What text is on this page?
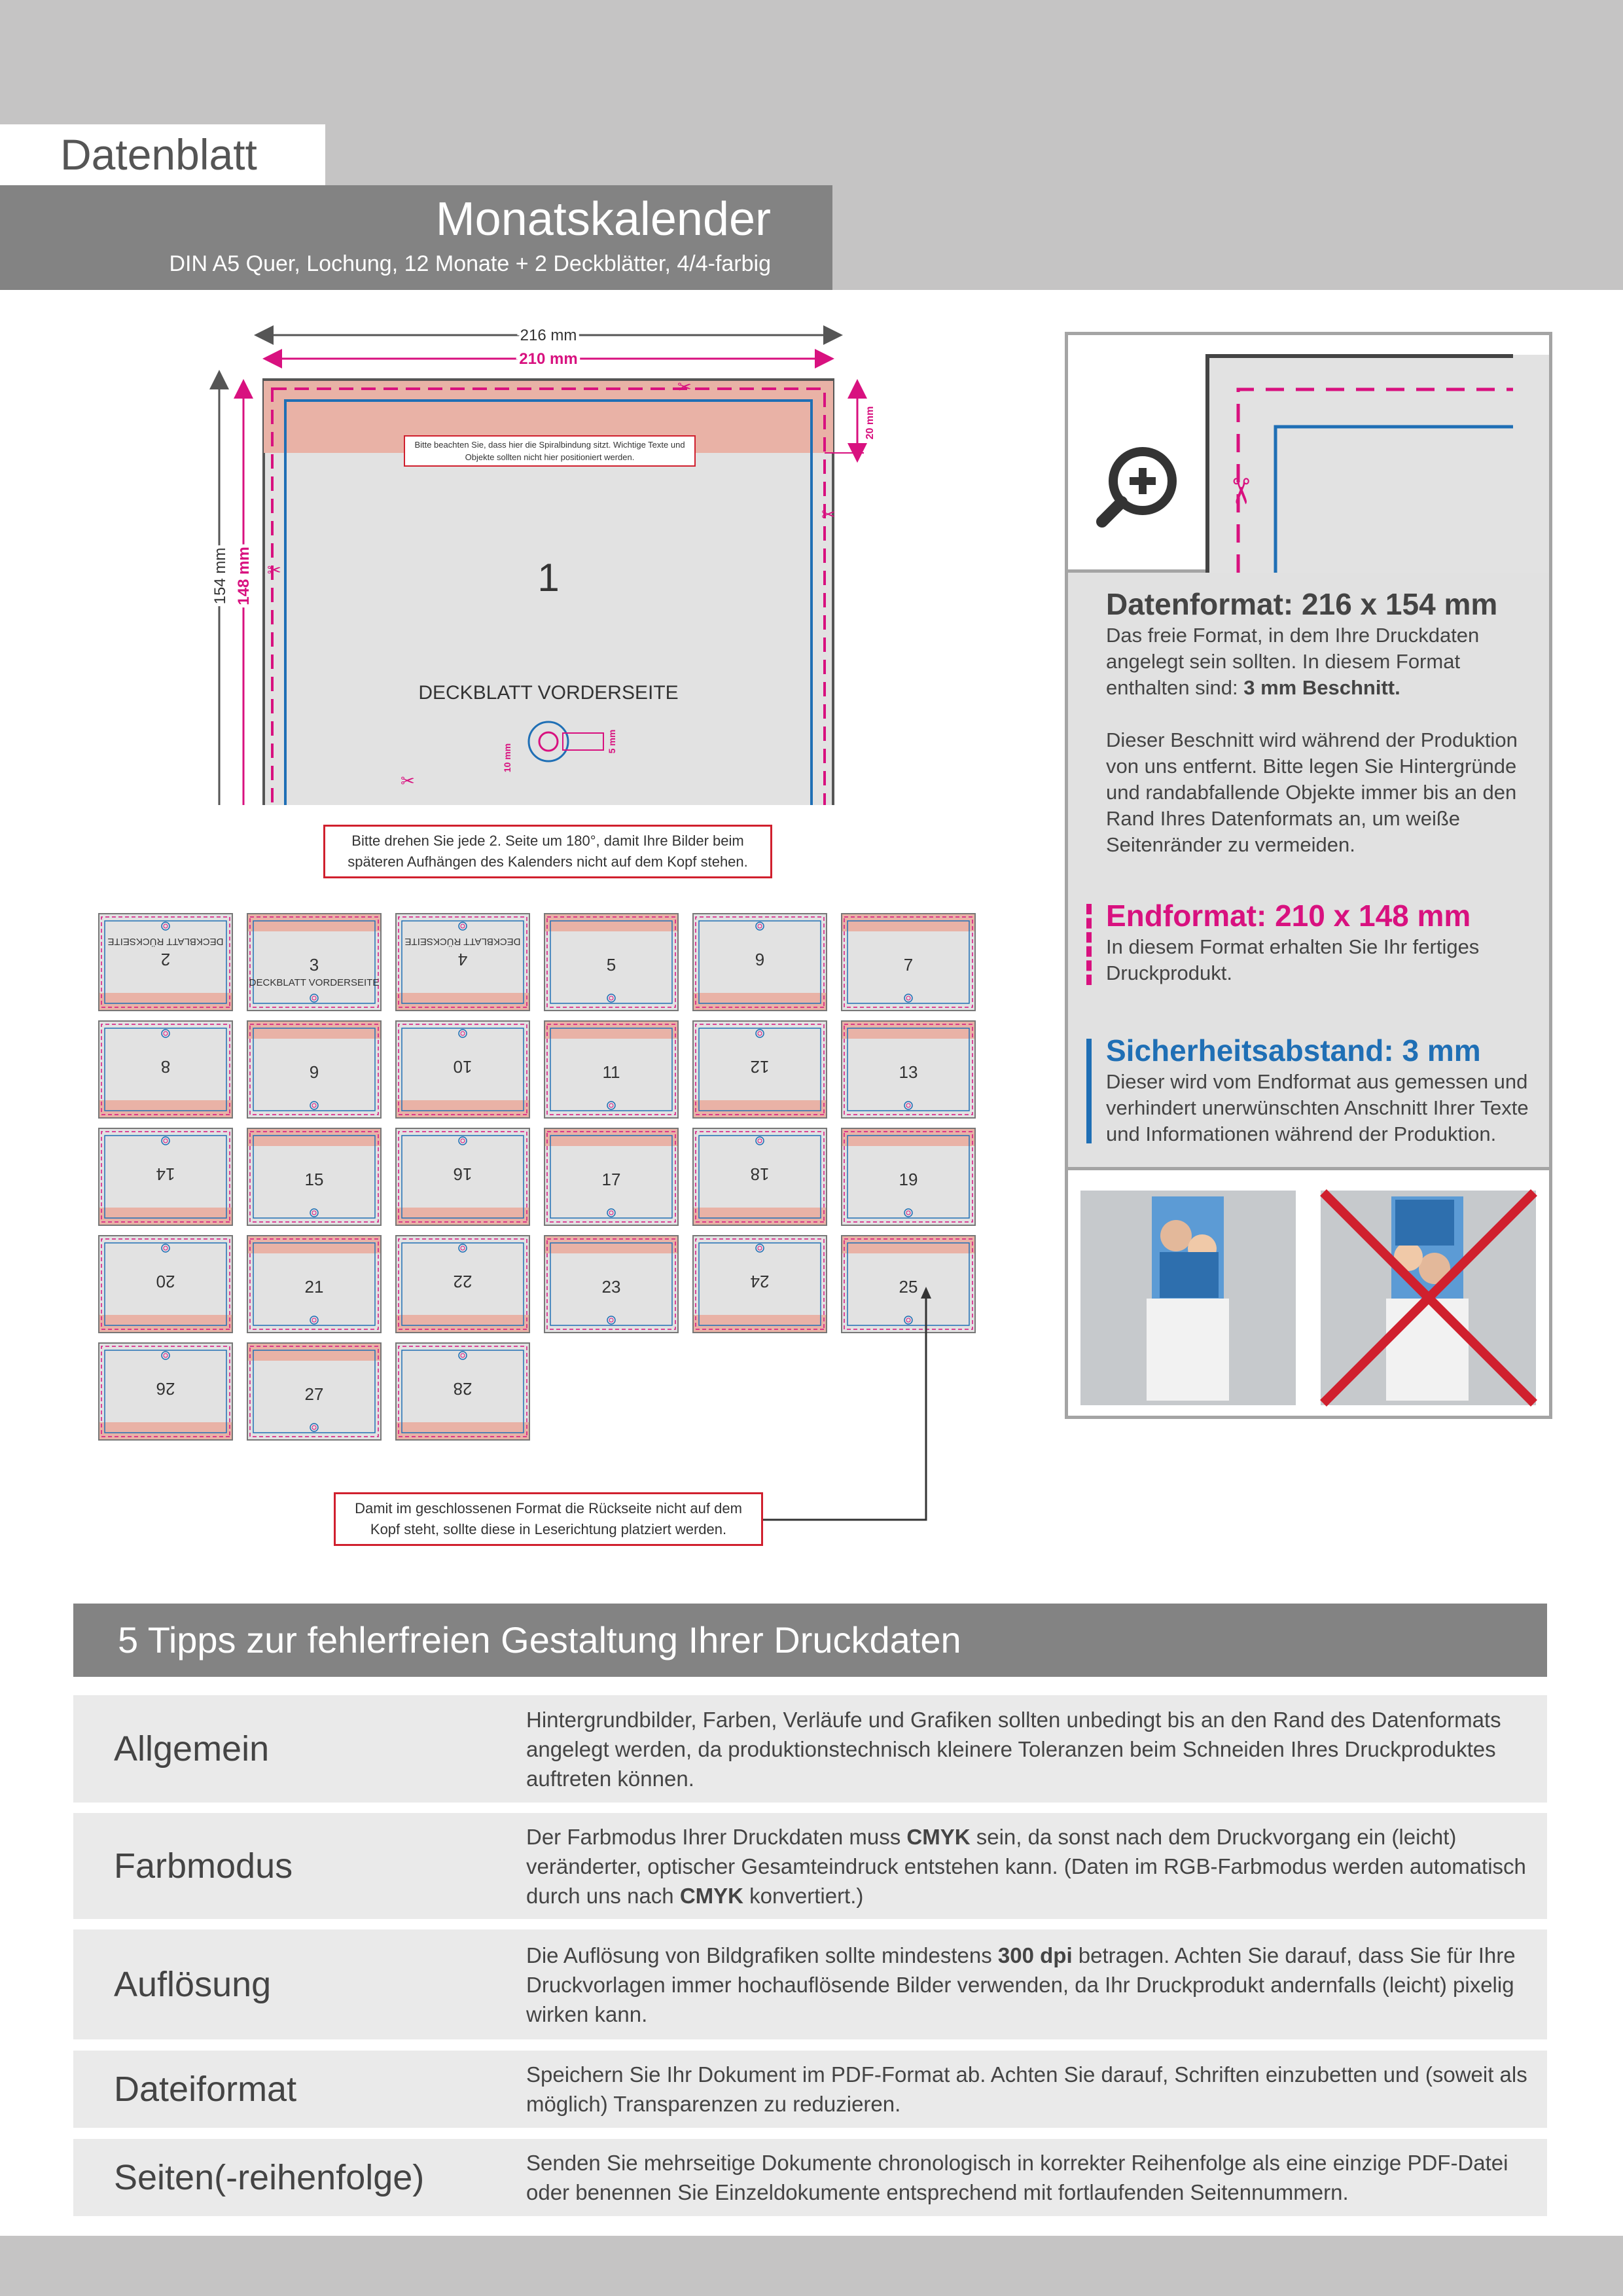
Datenblatt
Monatskalender
DIN A5 Quer, Lochung, 12 Monate + 2 Deckblätter, 4/4-farbig
216 mm
210 mm
154 mm 148 mm
20 mm
✂
✂
✂
✂
1
DECKBLATT VORDERSEITE
5 mm
10 mm
Bitte beachten Sie, dass hier die Spiralbindung sitzt. Wichtige Texte und Objekte sollten nicht hier positioniert werden.
Bitte drehen Sie jede 2. Seite um 180°, damit Ihre Bilder beim späteren Aufhängen des Kalenders nicht auf dem Kopf stehen.
2
DECKBLATT RÜCKSEITE
3
DECKBLATT VORDERSEITE
4
DECKBLATT RÜCKSEITE
5	6	7
8	9	10	11	12	13
14	15	16	17	18	19
20	21	22	23	24	25
26	27	28
Damit im geschlossenen Format die Rückseite nicht auf dem Kopf steht, sollte diese in Leserichtung platziert werden.
✂
Datenformat: 216 x 154 mm

Das freie Format, in dem Ihre Druckdaten angelegt sein sollten. In diesem Format enthalten sind: 3 mm Beschnitt.

Dieser Beschnitt wird während der Produktion von uns entfernt. Bitte legen Sie Hintergründe und randabfallende Objekte immer bis an den Rand Ihres Datenformats an, um weiße Seitenränder zu vermeiden.

Endformat: 210 x 148 mm

In diesem Format erhalten Sie Ihr fertiges Druckprodukt.

Sicherheitsabstand: 3 mm

Dieser wird vom Endformat aus gemessen und verhindert unerwünschten Anschnitt Ihrer Texte und Informationen während der Produktion.

5 Tipps zur fehlerfreien Gestaltung Ihrer Druckdaten
Allgemein
Hintergrundbilder, Farben, Verläufe und Grafiken sollten unbedingt bis an den Rand des Datenformats angelegt werden, da produktionstechnisch kleinere Toleranzen beim Schneiden Ihres Druckproduktes auftreten können.
Farbmodus
Der Farbmodus Ihrer Druckdaten muss CMYK sein, da sonst nach dem Druckvorgang ein (leicht) veränderter, optischer Gesamteindruck entstehen kann. (Daten im RGB-Farbmodus werden automatisch durch uns nach CMYK konvertiert.)
Auflösung
Die Auflösung von Bildgrafiken sollte mindestens 300 dpi betragen. Achten Sie darauf, dass Sie für Ihre Druckvorlagen immer hochauflösende Bilder verwenden, da Ihr Druckprodukt andernfalls (leicht) pixelig wirken kann.
Dateiformat	Speichern Sie Ihr Dokument im PDF-Format ab. Achten Sie darauf, Schriften einzubetten und (soweit als möglich) Transparenzen zu reduzieren.
Seiten(-reihenfolge)	Senden Sie mehrseitige Dokumente chronologisch in korrekter Reihenfolge als eine einzige PDF-Datei oder benennen Sie Einzeldokumente entsprechend mit fortlaufenden Seitennummern.
